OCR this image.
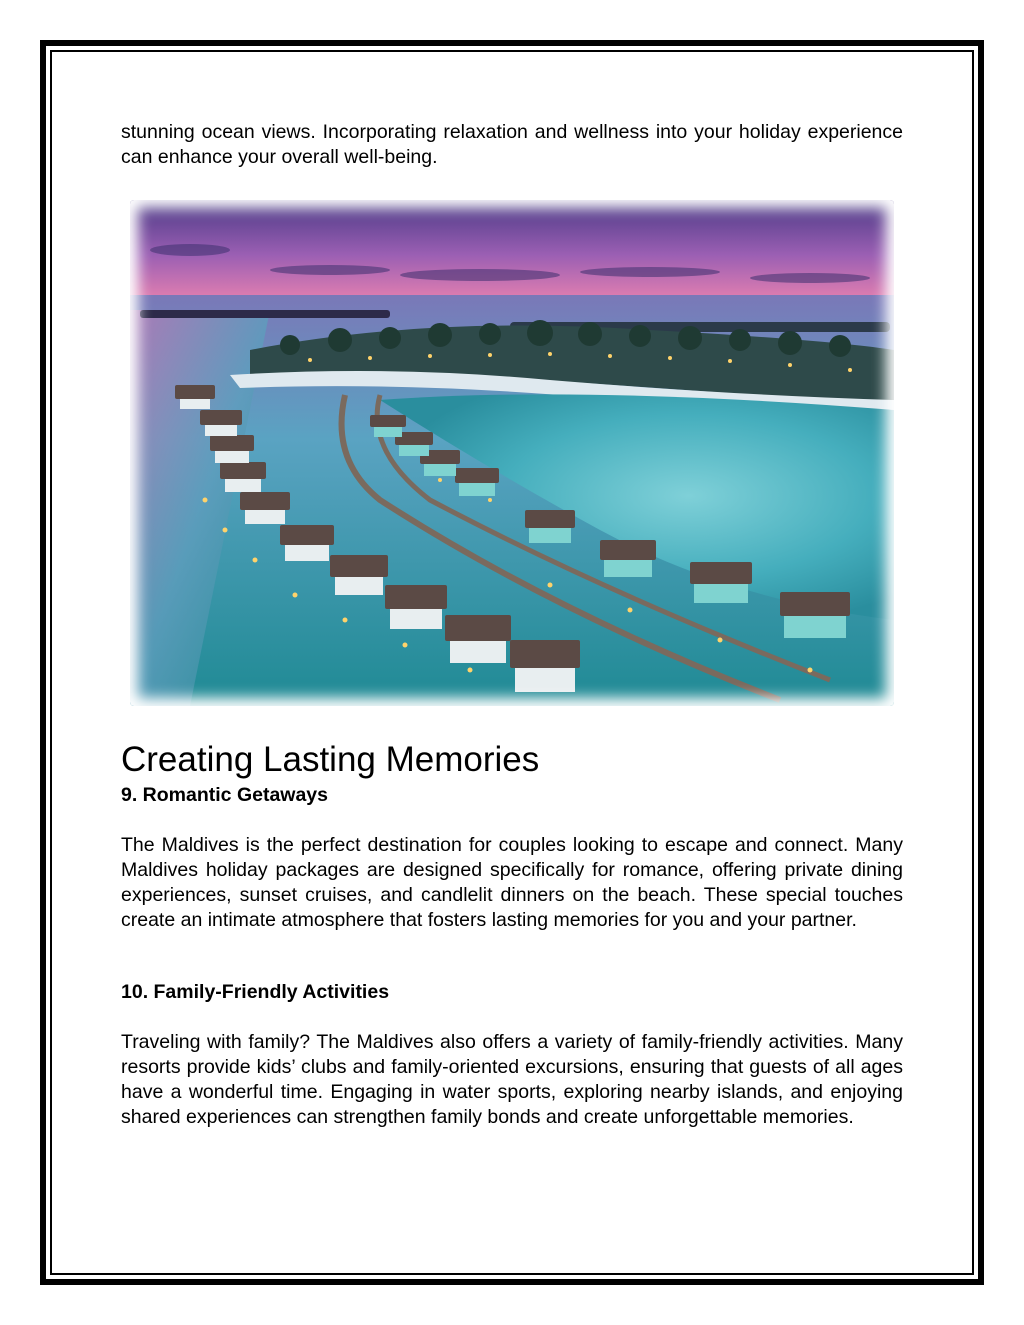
stunning ocean views. Incorporating relaxation and wellness into your holiday experience can enhance your overall well-being.

Creating Lasting Memories
9. Romantic Getaways

The Maldives is the perfect destination for couples looking to escape and connect. Many Maldives holiday packages are designed specifically for romance, offering private dining experiences, sunset cruises, and candlelit dinners on the beach. These special touches create an intimate atmosphere that fosters lasting memories for you and your partner.

10. Family-Friendly Activities

Traveling with family? The Maldives also offers a variety of family-friendly activities. Many resorts provide kids’ clubs and family-oriented excursions, ensuring that guests of all ages have a wonderful time. Engaging in water sports, exploring nearby islands, and enjoying shared experiences can strengthen family bonds and create unforgettable memories.
